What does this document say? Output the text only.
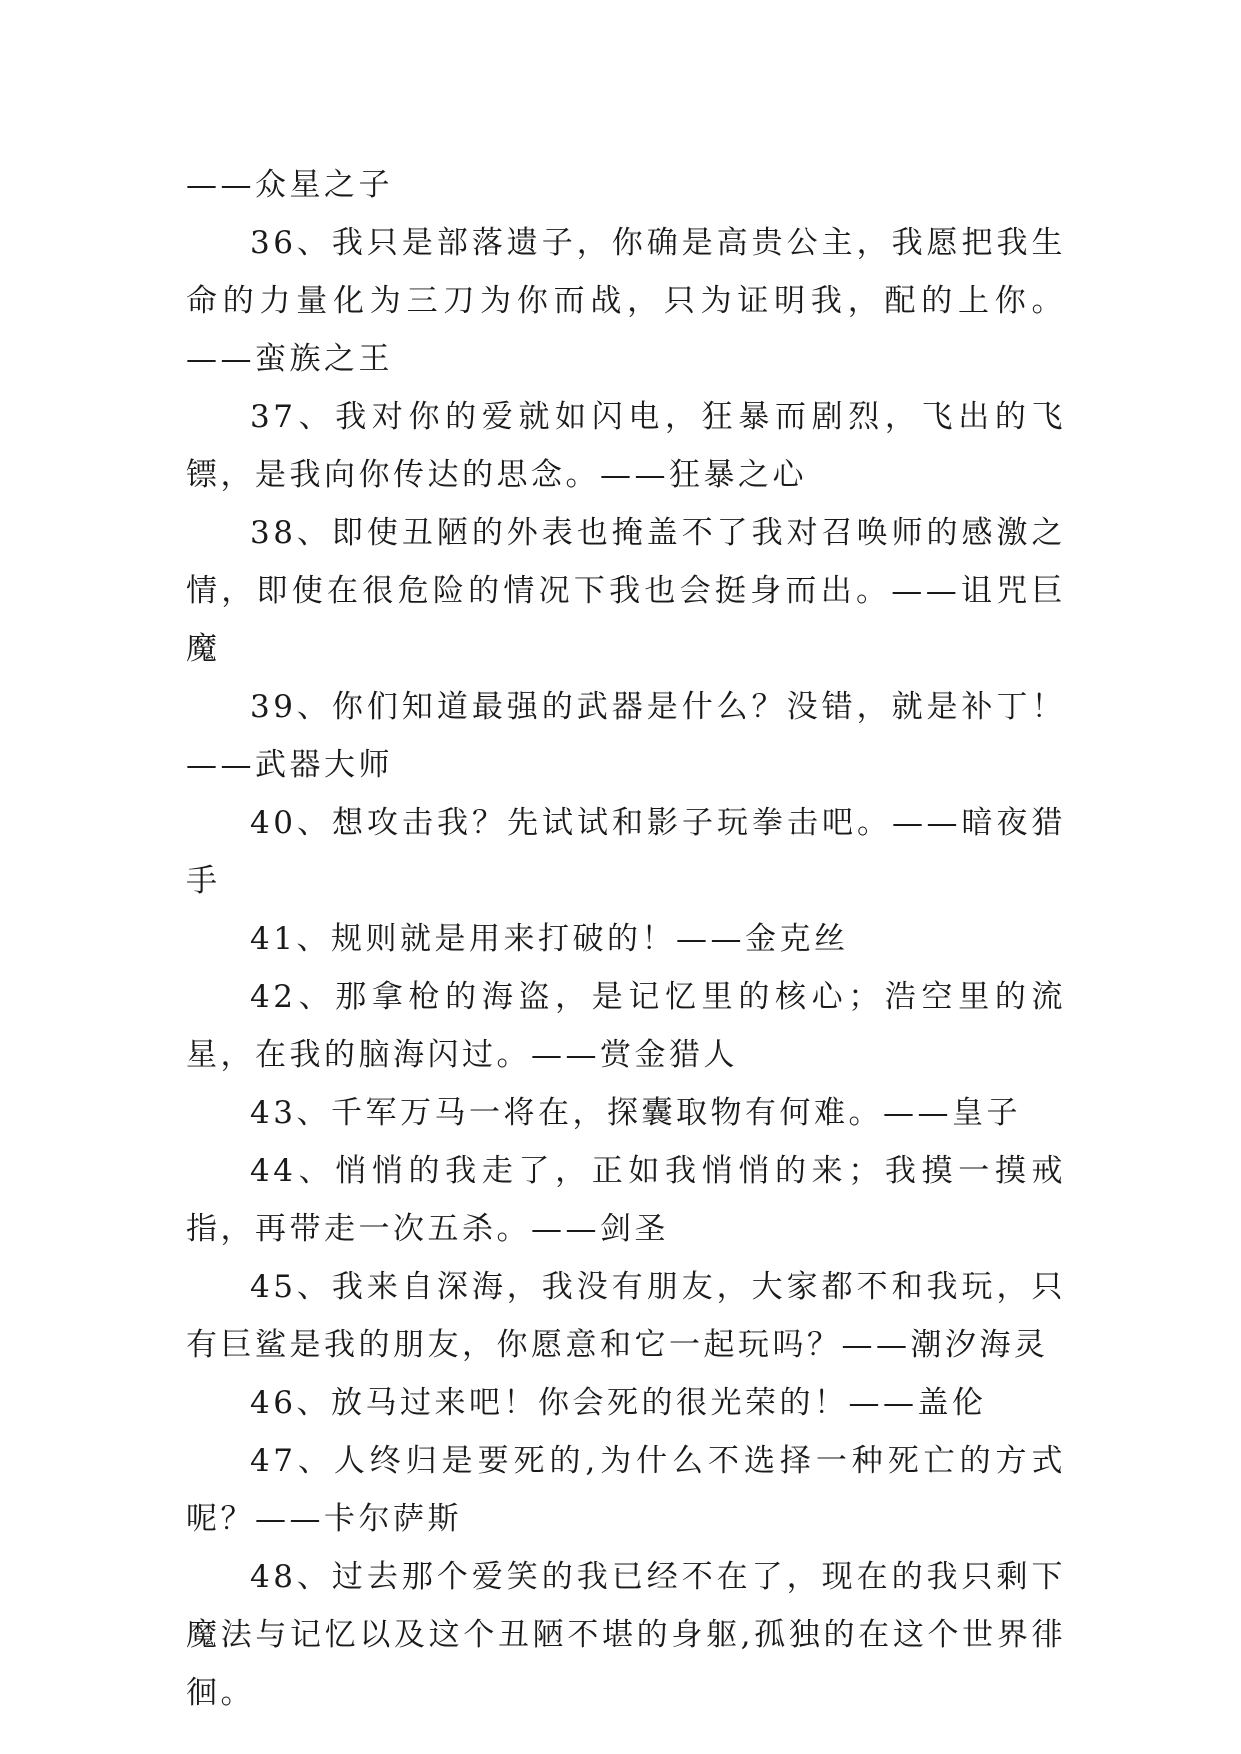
——众星之子

36、我只是部落遗子，你确是高贵公主，我愿把我生命的力量化为三刀为你而战，只为证明我，配的上你。——蛮族之王

37、我对你的爱就如闪电，狂暴而剧烈，飞出的飞镖，是我向你传达的思念。——狂暴之心

38、即使丑陋的外表也掩盖不了我对召唤师的感激之情，即使在很危险的情况下我也会挺身而出。——诅咒巨魔

39、你们知道最强的武器是什么？没错，就是补丁！——武器大师

40、想攻击我？先试试和影子玩拳击吧。——暗夜猎手

41、规则就是用来打破的！——金克丝

42、那拿枪的海盗，是记忆里的核心；浩空里的流星，在我的脑海闪过。——赏金猎人

43、千军万马一将在，探囊取物有何难。——皇子

44、悄悄的我走了，正如我悄悄的来；我摸一摸戒指，再带走一次五杀。——剑圣

45、我来自深海，我没有朋友，大家都不和我玩，只有巨鲨是我的朋友，你愿意和它一起玩吗？——潮汐海灵

46、放马过来吧！你会死的很光荣的！——盖伦

47、人终归是要死的,为什么不选择一种死亡的方式呢？——卡尔萨斯

48、过去那个爱笑的我已经不在了，现在的我只剩下魔法与记忆以及这个丑陋不堪的身躯,孤独的在这个世界徘徊。
